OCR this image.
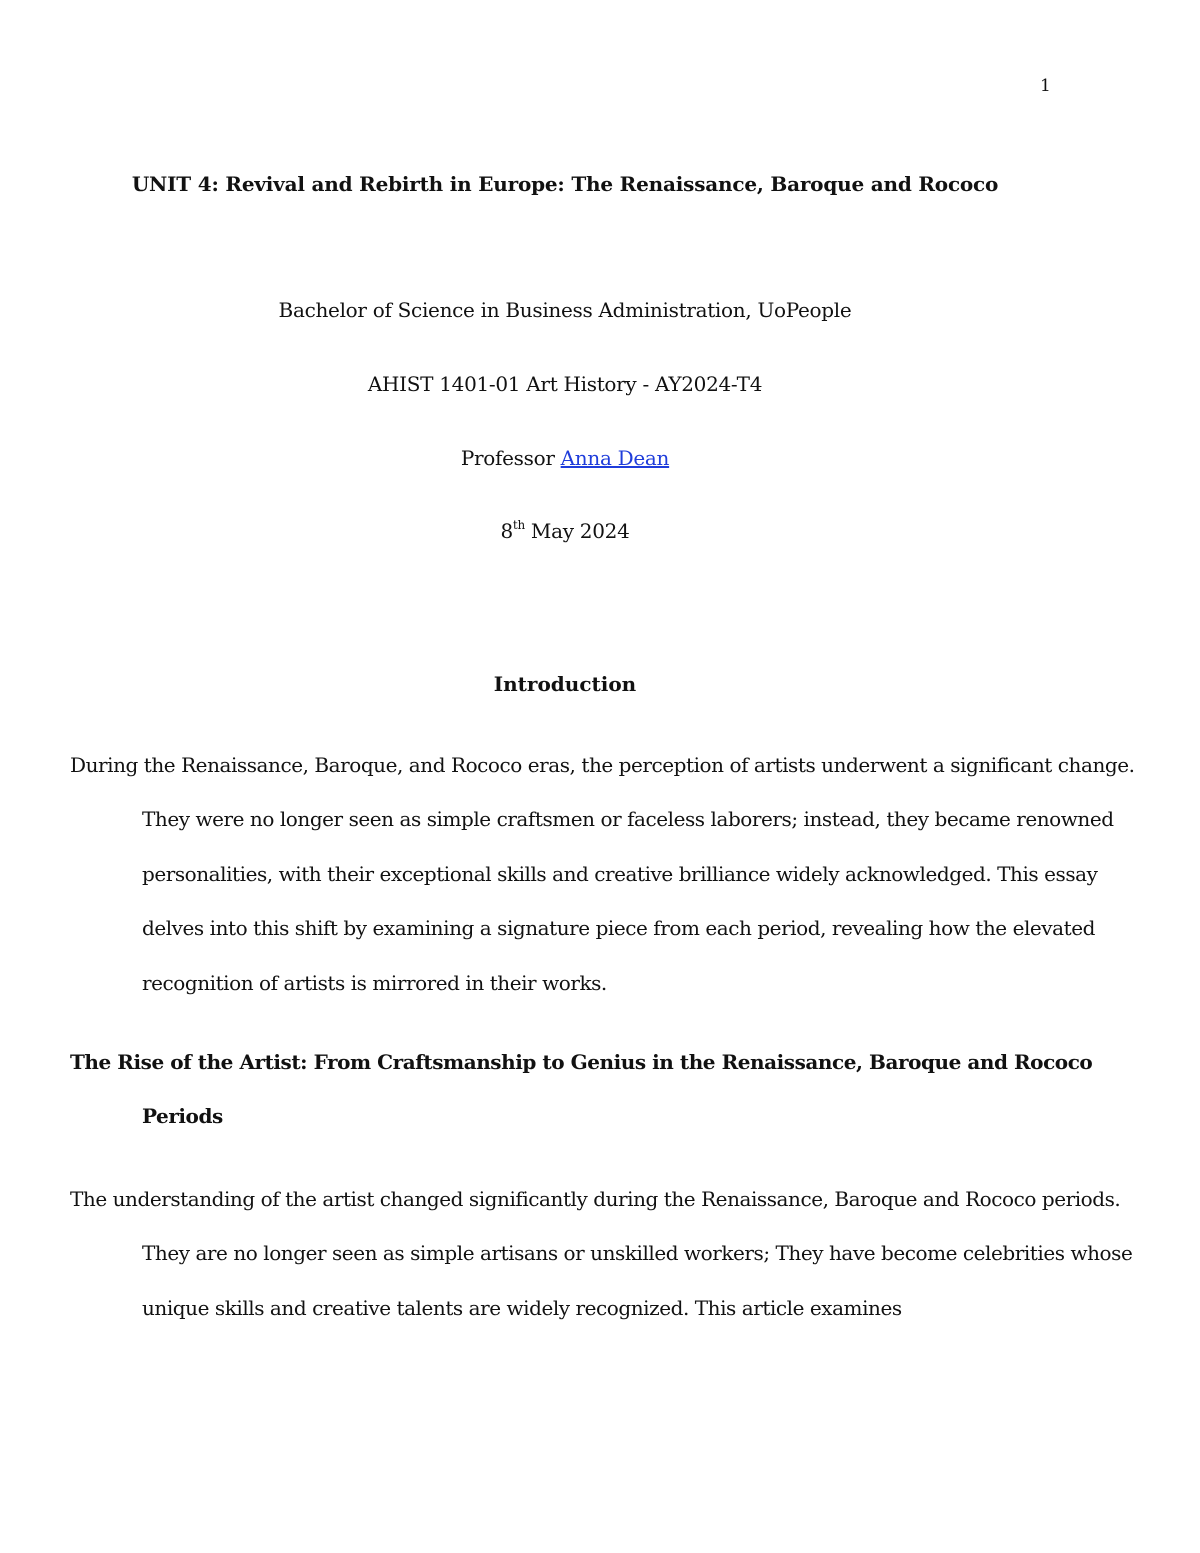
1
UNIT 4: Revival and Rebirth in Europe: The Renaissance, Baroque and Rococo
Bachelor of Science in Business Administration, UoPeople
AHIST 1401-01 Art History - AY2024-T4
Professor Anna Dean
8th May 2024
Introduction

During the Renaissance, Baroque, and Rococo eras, the perception of artists underwent a significant change. They were no longer seen as simple craftsmen or faceless laborers; instead, they became renowned personalities, with their exceptional skills and creative brilliance widely acknowledged. This essay delves into this shift by examining a signature piece from each period, revealing how the elevated recognition of artists is mirrored in their works.

The Rise of the Artist: From Craftsmanship to Genius in the Renaissance, Baroque and Rococo Periods

The understanding of the artist changed significantly during the Renaissance, Baroque and Rococo periods. They are no longer seen as simple artisans or unskilled workers; They have become celebrities whose unique skills and creative talents are widely recognized. This article examines
